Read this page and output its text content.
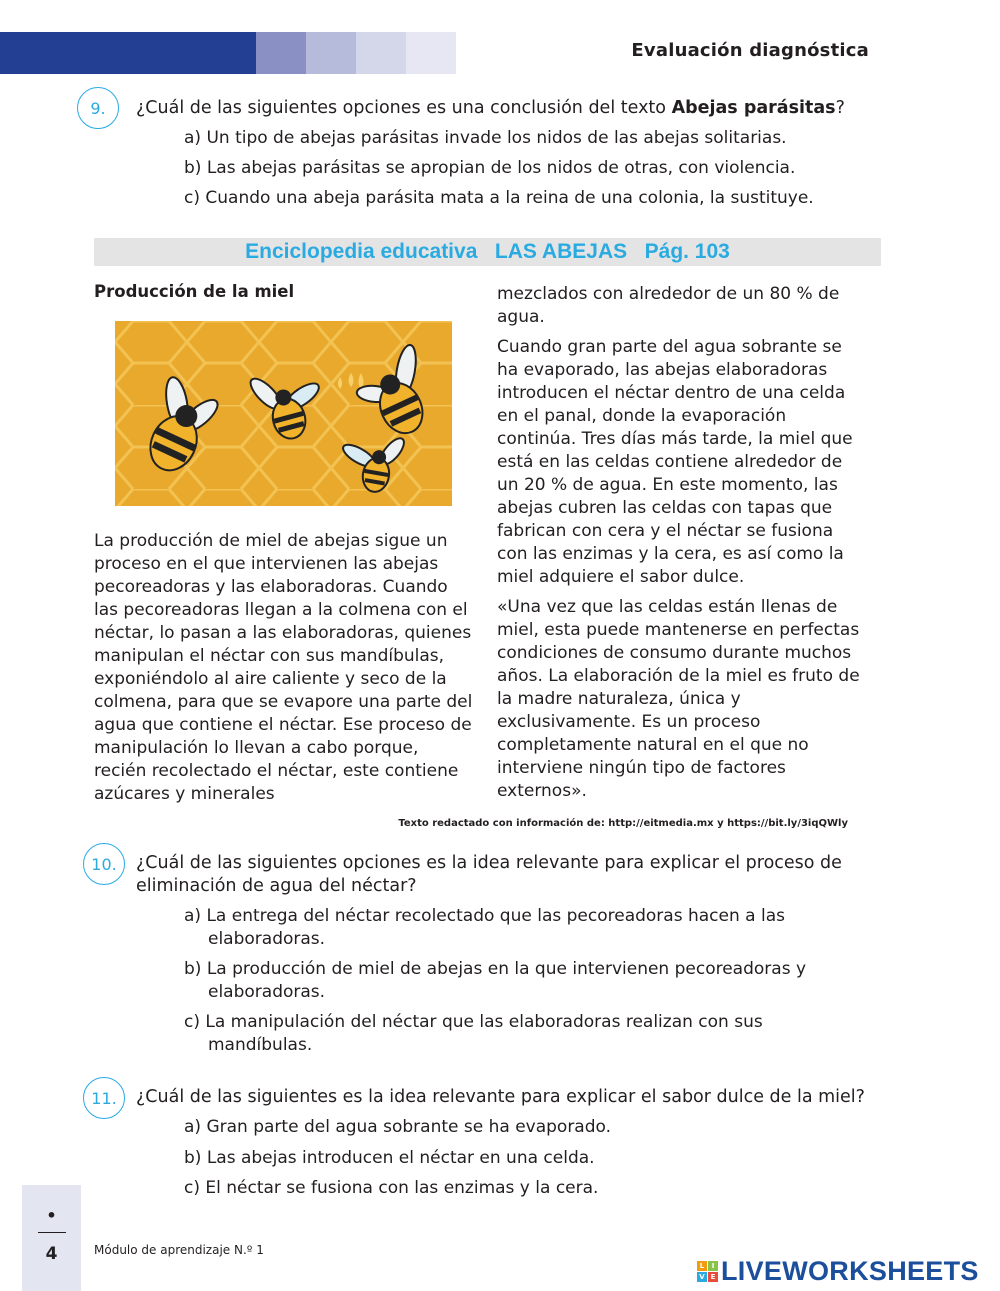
Evaluación diagnóstica
9.	¿Cuál de las siguientes opciones es una conclusión del texto Abejas parásitas?
a) Un tipo de abejas parásitas invade los nidos de las abejas solitarias.
b) Las abejas parásitas se apropian de los nidos de otras, con violencia.
c) Cuando una abeja parásita mata a la reina de una colonia, la sustituye.
Enciclopedia educativa   LAS ABEJAS   Pág. 103
Producción de la miel

La producción de miel de abejas sigue un proceso en el que intervienen las abejas pecoreadoras y las elaboradoras. Cuando las pecoreadoras llegan a la colmena con el néctar, lo pasan a las elaboradoras, quienes manipulan el néctar con sus mandíbulas, exponiéndolo al aire caliente y seco de la colmena, para que se evapore una parte del agua que contiene el néctar. Ese proceso de manipulación lo llevan a cabo porque, recién recolectado el néctar, este contiene azúcares y minerales

mezclados con alrededor de un 80 % de agua.

Cuando gran parte del agua sobrante se ha evaporado, las abejas elaboradoras introducen el néctar dentro de una celda en el panal, donde la evaporación continúa. Tres días más tarde, la miel que está en las celdas contiene alrededor de un 20 % de agua. En este momento, las abejas cubren las celdas con tapas que fabrican con cera y el néctar se fusiona con las enzimas y la cera, es así como la miel adquiere el sabor dulce.

«Una vez que las celdas están llenas de miel, esta puede mantenerse en perfectas condiciones de consumo durante muchos años. La elaboración de la miel es fruto de la madre naturaleza, única y exclusivamente. Es un proceso completamente natural en el que no interviene ningún tipo de factores externos».

Texto redactado con información de: http://eitmedia.mx y https://bit.ly/3iqQWly
10.	¿Cuál de las siguientes opciones es la idea relevante para explicar el proceso de eliminación de agua del néctar?
a) La entrega del néctar recolectado que las pecoreadoras hacen a las
elaboradoras.
b) La producción de miel de abejas en la que intervienen pecoreadoras y
elaboradoras.
c) La manipulación del néctar que las elaboradoras realizan con sus
mandíbulas.
11.	¿Cuál de las siguientes es la idea relevante para explicar el sabor dulce de la miel?
a) Gran parte del agua sobrante se ha evaporado.
b) Las abejas introducen el néctar en una celda.
c) El néctar se fusiona con las enzimas y la cera.
•
4	Módulo de aprendizaje N.º 1
L	I
V E LIVEWORKSHEETS
